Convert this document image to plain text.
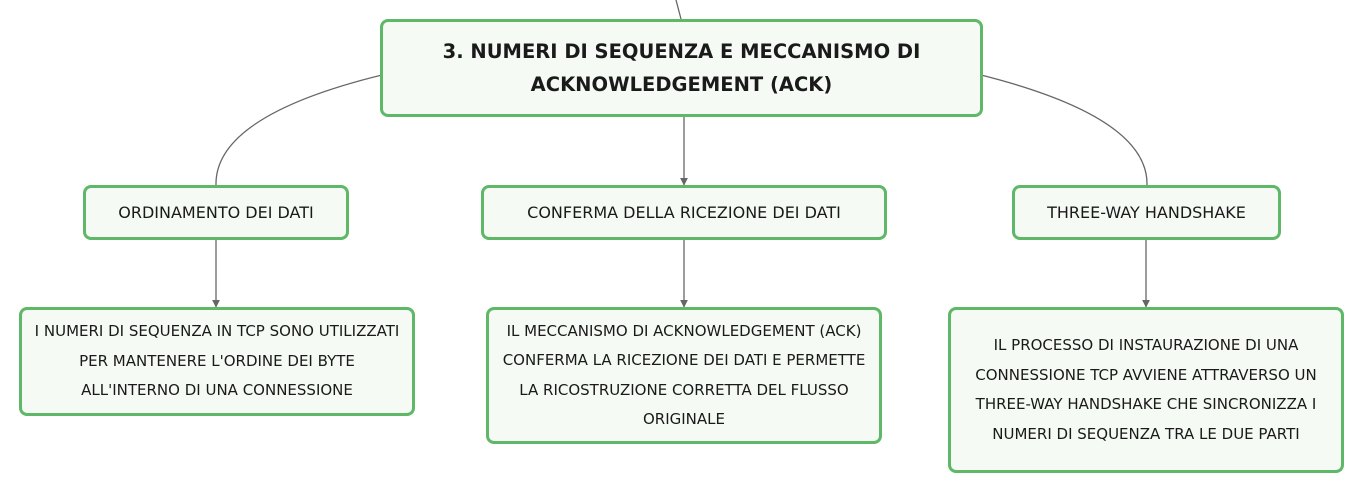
3. NUMERI DI SEQUENZA E MECCANISMO DI ACKNOWLEDGEMENT (ACK)
ORDINAMENTO DEI DATI	CONFERMA DELLA RICEZIONE DEI DATI	THREE-WAY HANDSHAKE
I NUMERI DI SEQUENZA IN TCP SONO UTILIZZATI PER MANTENERE L'ORDINE DEI BYTE ALL'INTERNO DI UNA CONNESSIONE
IL MECCANISMO DI ACKNOWLEDGEMENT (ACK) CONFERMA LA RICEZIONE DEI DATI E PERMETTE LA RICOSTRUZIONE CORRETTA DEL FLUSSO ORIGINALE
IL PROCESSO DI INSTAURAZIONE DI UNA CONNESSIONE TCP AVVIENE ATTRAVERSO UN THREE-WAY HANDSHAKE CHE SINCRONIZZA I NUMERI DI SEQUENZA TRA LE DUE PARTI
